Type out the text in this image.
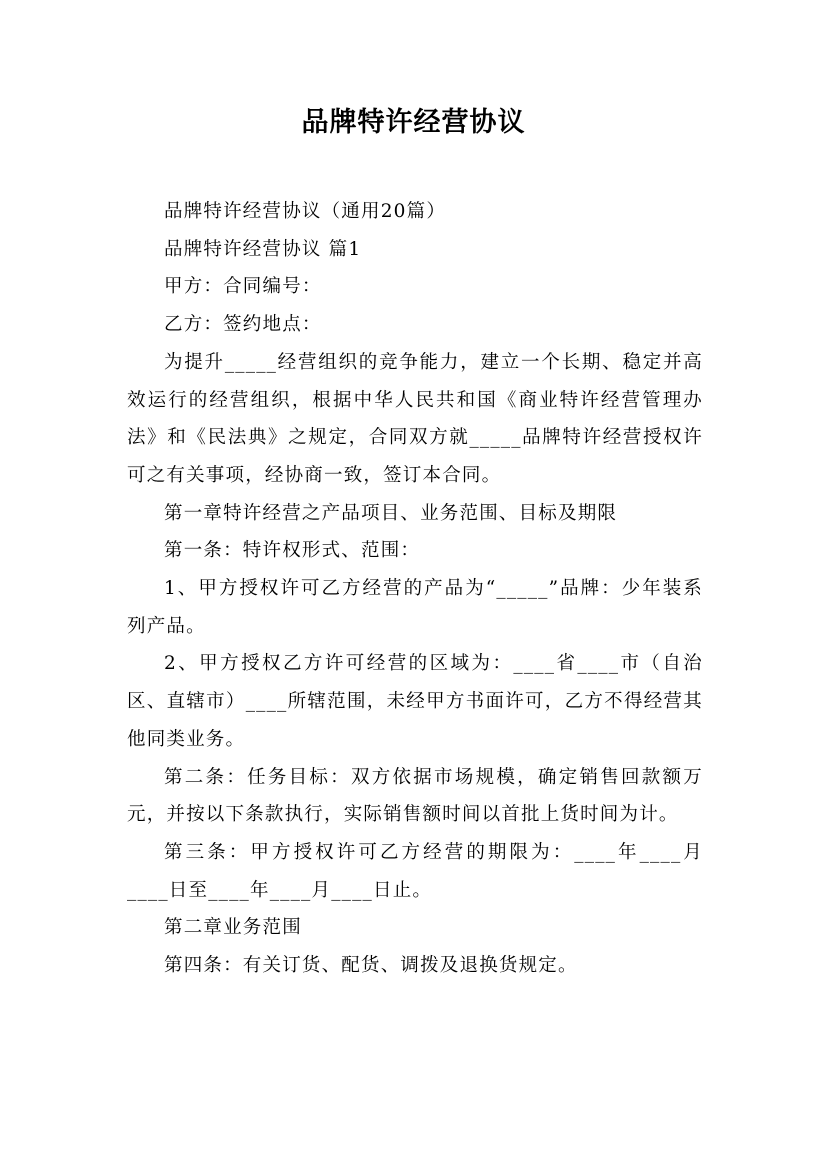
品牌特许经营协议

品牌特许经营协议（通用20篇）

品牌特许经营协议 篇1

甲方：合同编号：

乙方：签约地点：

为提升_____经营组织的竞争能力，建立一个长期、稳定并高效运行的经营组织，根据中华人民共和国《商业特许经营管理办法》和《民法典》之规定，合同双方就_____品牌特许经营授权许可之有关事项，经协商一致，签订本合同。

第一章特许经营之产品项目、业务范围、目标及期限

第一条：特许权形式、范围：

1、甲方授权许可乙方经营的产品为“_____”品牌：少年装系列产品。

2、甲方授权乙方许可经营的区域为：____省____市（自治区、直辖市）____所辖范围，未经甲方书面许可，乙方不得经营其他同类业务。

第二条：任务目标：双方依据市场规模，确定销售回款额万元，并按以下条款执行，实际销售额时间以首批上货时间为计。

第三条：甲方授权许可乙方经营的期限为：____年____月____日至____年____月____日止。

第二章业务范围

第四条：有关订货、配货、调拨及退换货规定。
